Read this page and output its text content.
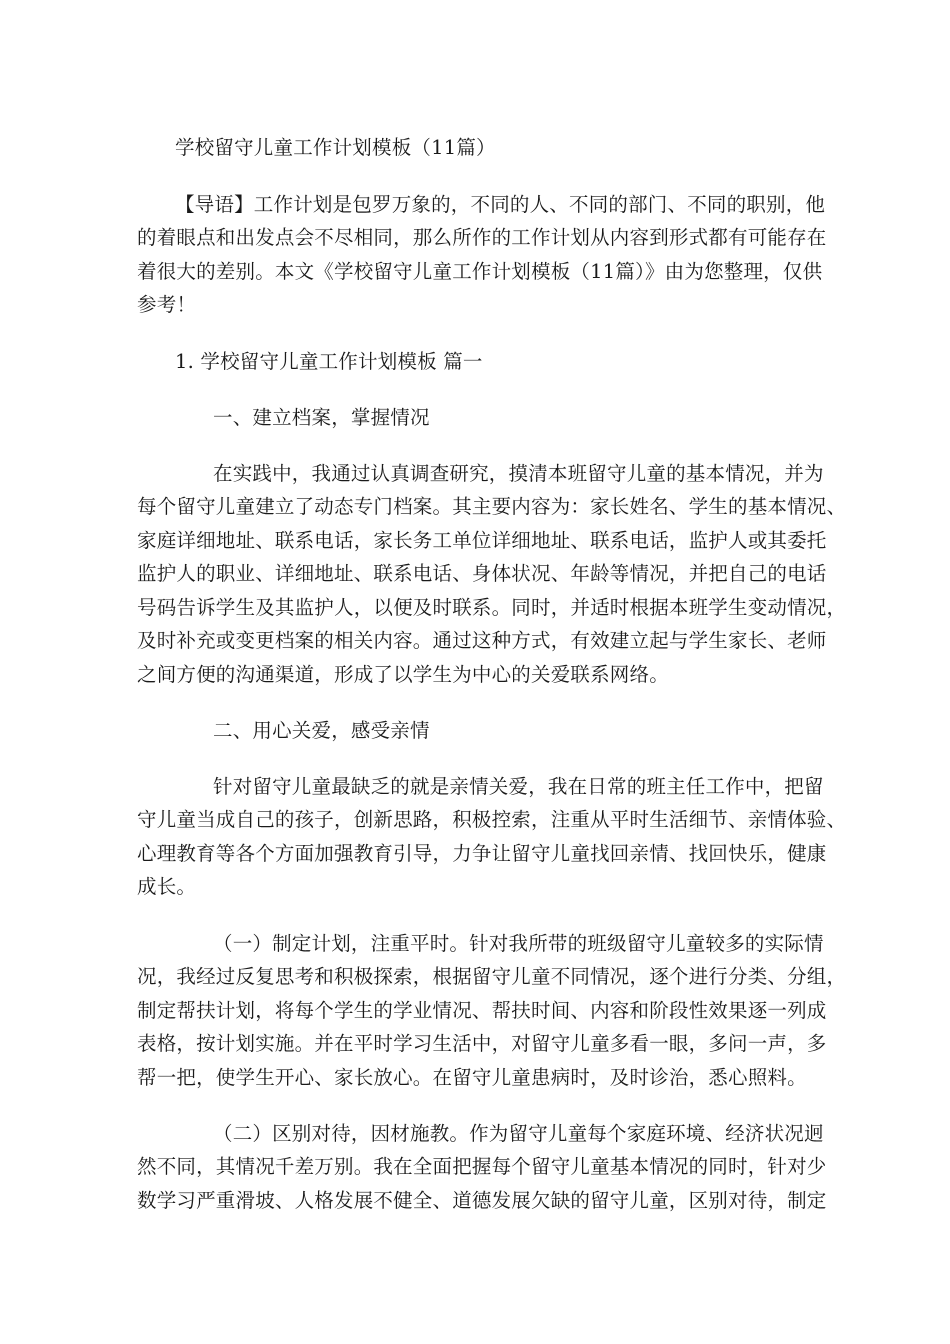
学校留守儿童工作计划模板（11篇）
【导语】工作计划是包罗万象的，不同的人、不同的部门、不同的职别，他
的着眼点和出发点会不尽相同，那么所作的工作计划从内容到形式都有可能存在
着很大的差别。本文《学校留守儿童工作计划模板（11篇）》由为您整理，仅供
参考！
1. 学校留守儿童工作计划模板 篇一
一、建立档案，掌握情况
在实践中，我通过认真调查研究，摸清本班留守儿童的基本情况，并为
每个留守儿童建立了动态专门档案。其主要内容为：家长姓名、学生的基本情况、
家庭详细地址、联系电话，家长务工单位详细地址、联系电话，监护人或其委托
监护人的职业、详细地址、联系电话、身体状况、年龄等情况，并把自己的电话
号码告诉学生及其监护人，以便及时联系。同时，并适时根据本班学生变动情况，
及时补充或变更档案的相关内容。通过这种方式，有效建立起与学生家长、老师
之间方便的沟通渠道，形成了以学生为中心的关爱联系网络。
二、用心关爱，感受亲情
针对留守儿童最缺乏的就是亲情关爱，我在日常的班主任工作中，把留
守儿童当成自己的孩子，创新思路，积极控索，注重从平时生活细节、亲情体验、
心理教育等各个方面加强教育引导，力争让留守儿童找回亲情、找回快乐，健康
成长。
（一）制定计划，注重平时。针对我所带的班级留守儿童较多的实际情
况，我经过反复思考和积极探索，根据留守儿童不同情况，逐个进行分类、分组，
制定帮扶计划，将每个学生的学业情况、帮扶时间、内容和阶段性效果逐一列成
表格，按计划实施。并在平时学习生活中，对留守儿童多看一眼，多问一声，多
帮一把，使学生开心、家长放心。在留守儿童患病时，及时诊治，悉心照料。
（二）区别对待，因材施教。作为留守儿童每个家庭环境、经济状况迥
然不同，其情况千差万别。我在全面把握每个留守儿童基本情况的同时，针对少
数学习严重滑坡、人格发展不健全、道德发展欠缺的留守儿童，区别对待，制定
